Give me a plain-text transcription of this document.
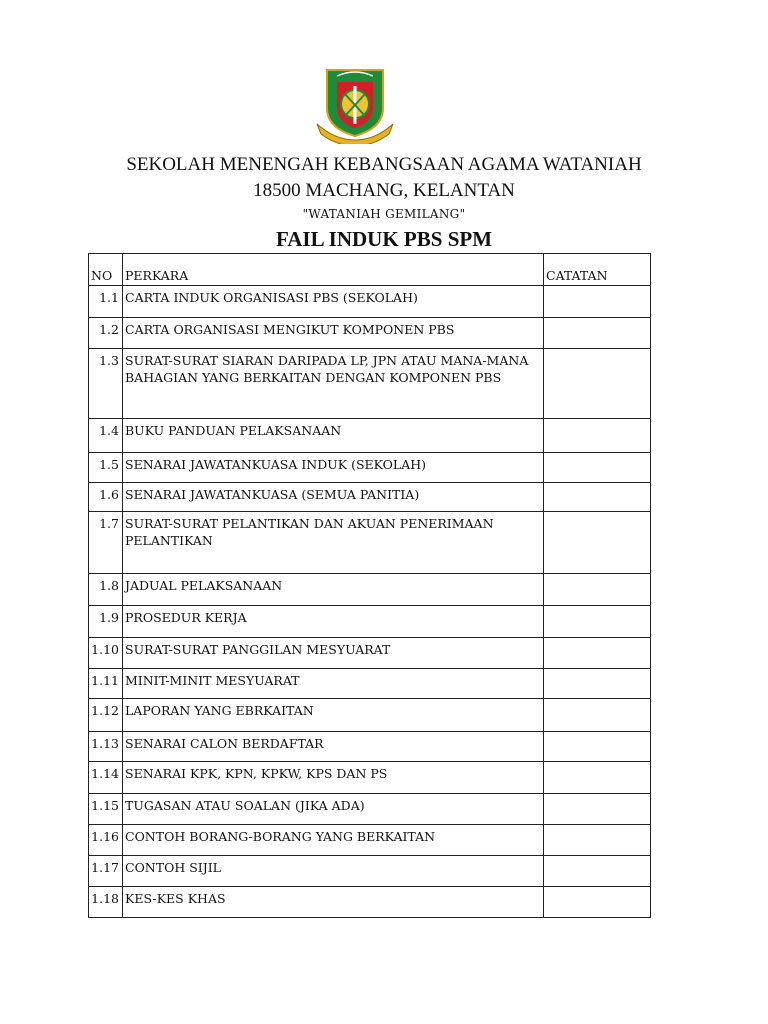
SEKOLAH MENENGAH KEBANGSAAN AGAMA WATANIAH
18500 MACHANG, KELANTAN
"WATANIAH GEMILANG"
FAIL INDUK PBS SPM
NO	PERKARA	CATATAN
1.1	CARTA INDUK ORGANISASI PBS (SEKOLAH)	
1.2	CARTA ORGANISASI MENGIKUT KOMPONEN PBS	
1.3	SURAT-SURAT SIARAN DARIPADA LP, JPN ATAU MANA-MANA BAHAGIAN YANG BERKAITAN DENGAN KOMPONEN PBS	
1.4	BUKU PANDUAN PELAKSANAAN	
1.5	SENARAI JAWATANKUASA INDUK (SEKOLAH)	
1.6	SENARAI JAWATANKUASA (SEMUA PANITIA)	
1.7	SURAT-SURAT PELANTIKAN DAN AKUAN PENERIMAAN PELANTIKAN	
1.8	JADUAL PELAKSANAAN	
1.9	PROSEDUR KERJA	
1.10	SURAT-SURAT PANGGILAN MESYUARAT	
1.11	MINIT-MINIT MESYUARAT	
1.12	LAPORAN YANG EBRKAITAN	
1.13	SENARAI CALON BERDAFTAR	
1.14	SENARAI KPK, KPN, KPKW, KPS DAN PS	
1.15	TUGASAN ATAU SOALAN (JIKA ADA)	
1.16	CONTOH BORANG-BORANG YANG BERKAITAN	
1.17	CONTOH SIJIL	
1.18	KES-KES KHAS	
